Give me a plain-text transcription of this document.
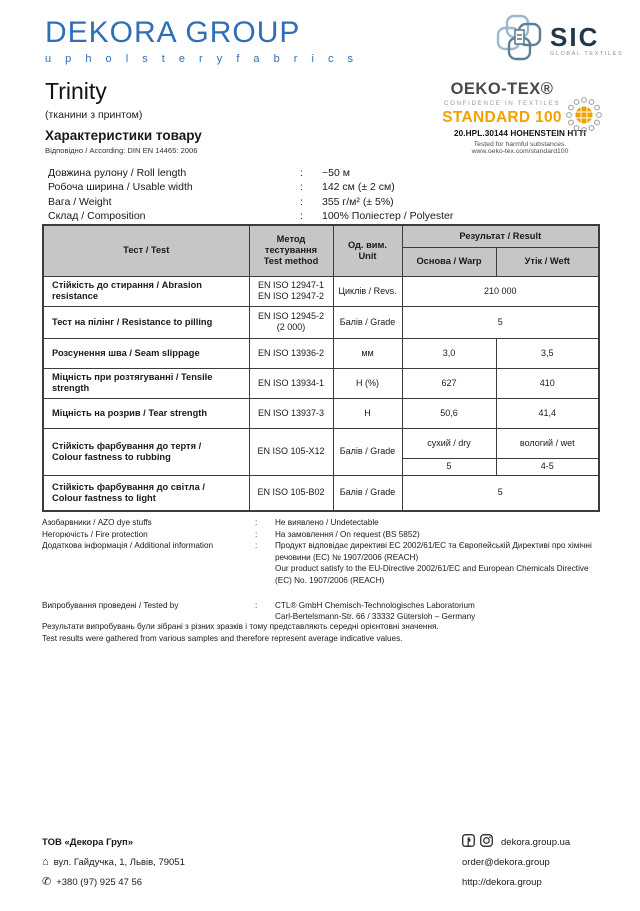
DEKORA GROUP
u p h o l s t e r y f a b r i c s
SIC
GLOBAL TEXTILES
OEKO-TEX®
CONFIDENCE IN TEXTILES
STANDARD 100
20.HPL.30144 HOHENSTEIN HTTI
Tested for harmful substances.
www.oeko-tex.com/standard100
Trinity
(тканини з принтом)
Характеристики товару
Відповідно / According: DIN EN 14465: 2006
Довжина рулону / Roll length	:	~50 м
Робоча ширина / Usable width	:	142 см (± 2 см)
Вага / Weight	:	355 г/м² (± 5%)
Склад / Composition	:	100% Поліестер / Polyester
Тест / Test	
Метод тестування
Test method

Од. вим.
Unit
	Результат / Result
			Основа / Warp	Утік / Weft
Стійкість до стирання / Abrasion resistance	EN ISO 12947-1
EN ISO 12947-2	Циклів / Revs.	210 000	
Тест на пілінг / Resistance to pilling	EN ISO 12945-2
(2 000)	Балів / Grade	5	
Розсунення шва / Seam slippage	EN ISO 13936-2	мм	3,0	3,5
Міцність при розтягуванні / Tensile strength	EN ISO 13934-1	Н (%)	627	410
Міцність на розрив / Tear strength	EN ISO 13937-3	Н	50,6	41,4

Стійкість фарбування до тертя /
Colour fastness to rubbing	EN ISO 105-X12	Балів / Grade	сухий / dry	вологий / wet
			5	4-5

Стійкість фарбування до світла /
Colour fastness to light	EN ISO 105-B02	Балів / Grade	5	
Азобарвники / AZO dye stuffs	:	Не виявлено / Undetectable
Негорючість / Fire protection	:	На замовлення / On request (BS 5852)
Додаткова інформація / Additional information	:	Продукт відповідає директиві ЕС 2002/61/ЕС та Європейській Директиві про хімічні
речовини (ЕС) № 1907/2006 (REACH)
Our product satisfy to the EU-Directive 2002/61/EC and European Chemicals Directive
(EC) No. 1907/2006 (REACH)
Випробування проведені / Tested by	:	CTL® GmbH Chemisch-Technologisches Laboratorium
Carl-Bertelsmann-Str. 66 / 33332 Gütersloh – Germany
Результати випробувань були зібрані з різних зразків і тому представляють середні орієнтовні значення.
Test results were gathered from various samples and therefore represent average indicative values.
ТОВ «Декора Груп»
⌂ вул. Гайдучка, 1, Львів, 79051
✆ +380 (97) 925 47 56
dekora.group.ua
order@dekora.group
http://dekora.group
